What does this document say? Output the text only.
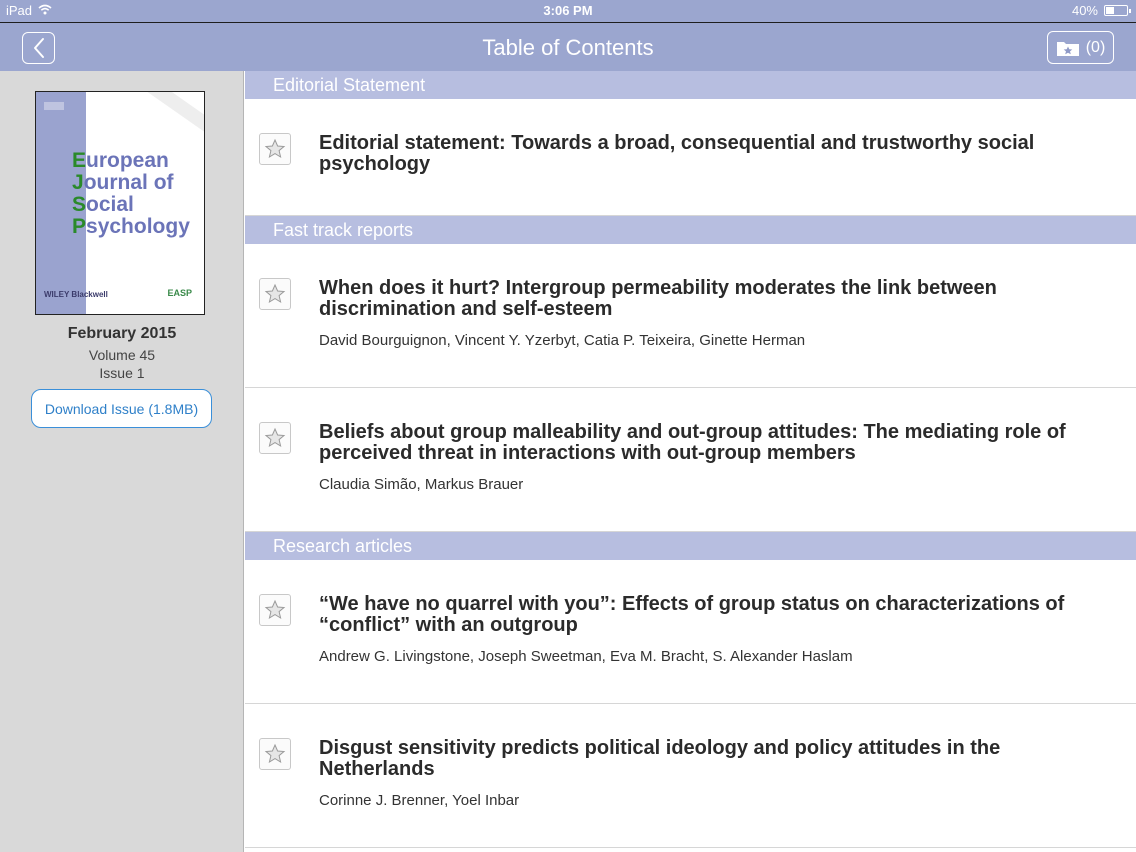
iPad	3:06 PM	40%
Table of Contents	(0)
European
Journal of
Social
Psychology
WILEY Blackwell	EASP
February 2015
Volume 45
Issue 1
Download Issue (1.8MB)
Editorial Statement
Editorial statement: Towards a broad, consequential and trustworthy social psychology
Fast track reports
When does it hurt? Intergroup permeability moderates the link between discrimination and self-esteem
David Bourguignon, Vincent Y. Yzerbyt, Catia P. Teixeira, Ginette Herman
Beliefs about group malleability and out-group attitudes: The mediating role of perceived threat in interactions with out-group members
Claudia Simão, Markus Brauer
Research articles
“We have no quarrel with you”: Effects of group status on characterizations of “conflict” with an outgroup
Andrew G. Livingstone, Joseph Sweetman, Eva M. Bracht, S. Alexander Haslam
Disgust sensitivity predicts political ideology and policy attitudes in the Netherlands
Corinne J. Brenner, Yoel Inbar
